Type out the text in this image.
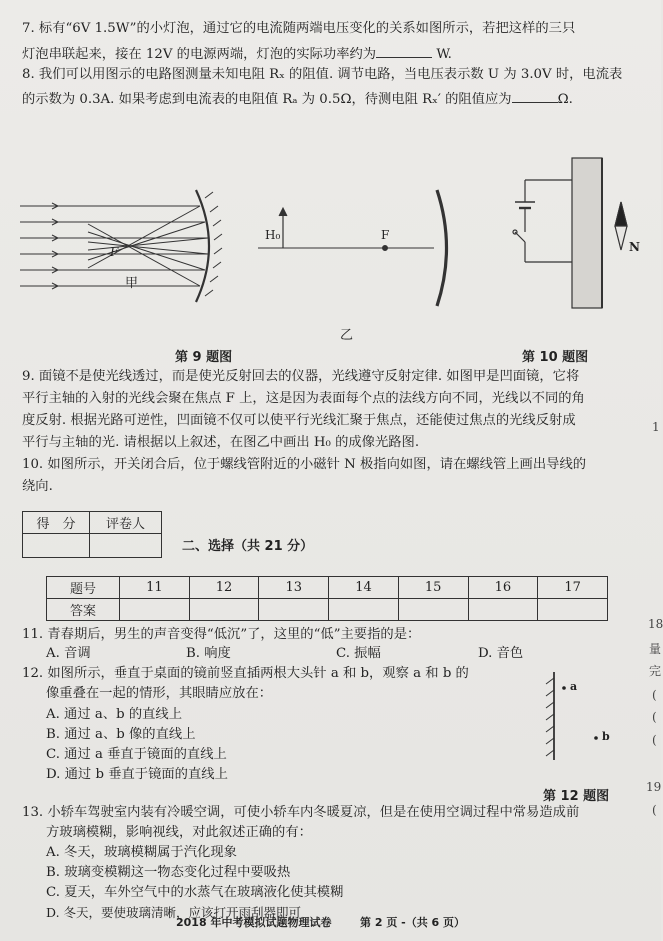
7. 标有“6V 1.5W”的小灯泡，通过它的电流随两端电压变化的关系如图所示，若把这样的三只
灯泡串联起来，接在 12V 的电源两端，灯泡的实际功率约为	W.
8. 我们可以用图示的电路图测量未知电阻 Rₓ 的阻值. 调节电路，当电压表示数 U 为 3.0V 时，电流表
的示数为 0.3A. 如果考虑到电流表的电阻值 Rₐ 为 0.5Ω，待测电阻 Rₓ′ 的阻值应为	Ω.
甲
F
乙
H₀	F
N
第 9 题图	第 10 题图
9. 面镜不是使光线透过，而是使光反射回去的仪器，光线遵守反射定律. 如图甲是凹面镜，它将
平行主轴的入射的光线会聚在焦点 F 上，这是因为表面每个点的法线方向不同，光线以不同的角
度反射. 根据光路可逆性，凹面镜不仅可以使平行光线汇聚于焦点，还能使过焦点的光线反射成
平行与主轴的光. 请根据以上叙述，在图乙中画出 H₀ 的成像光路图.
10. 如图所示，开关闭合后，位于螺线管附近的小磁针 N 极指向如图，请在螺线管上画出导线的
绕向.
得　分	评卷人

二、选择（共 21 分）
题号	11	12	13	14	15	16	17
答案							
11. 青春期后，男生的声音变得“低沉”了，这里的“低”主要指的是：
A. 音调	B. 响度	C. 振幅	D. 音色
12. 如图所示，垂直于桌面的镜前竖直插两根大头针 a 和 b，观察 a 和 b 的
像重叠在一起的情形，其眼睛应放在：
A. 通过 a、b 的直线上
B. 通过 a、b 像的直线上
C. 通过 a 垂直于镜面的直线上
D. 通过 b 垂直于镜面的直线上
a
b
第 12 题图
13. 小轿车驾驶室内装有冷暖空调，可使小轿车内冬暖夏凉，但是在使用空调过程中常易造成前
方玻璃模糊，影响视线，对此叙述正确的有：
A. 冬天，玻璃模糊属于汽化现象
B. 玻璃变模糊这一物态变化过程中要吸热
C. 夏天，车外空气中的水蒸气在玻璃液化使其模糊
D. 冬天，要使玻璃清晰，应该打开雨刮器即可
2018 年中考模拟试题物理试卷	第 2 页 -（共 6 页）
1
18
量
完
(
(
(
19
(
